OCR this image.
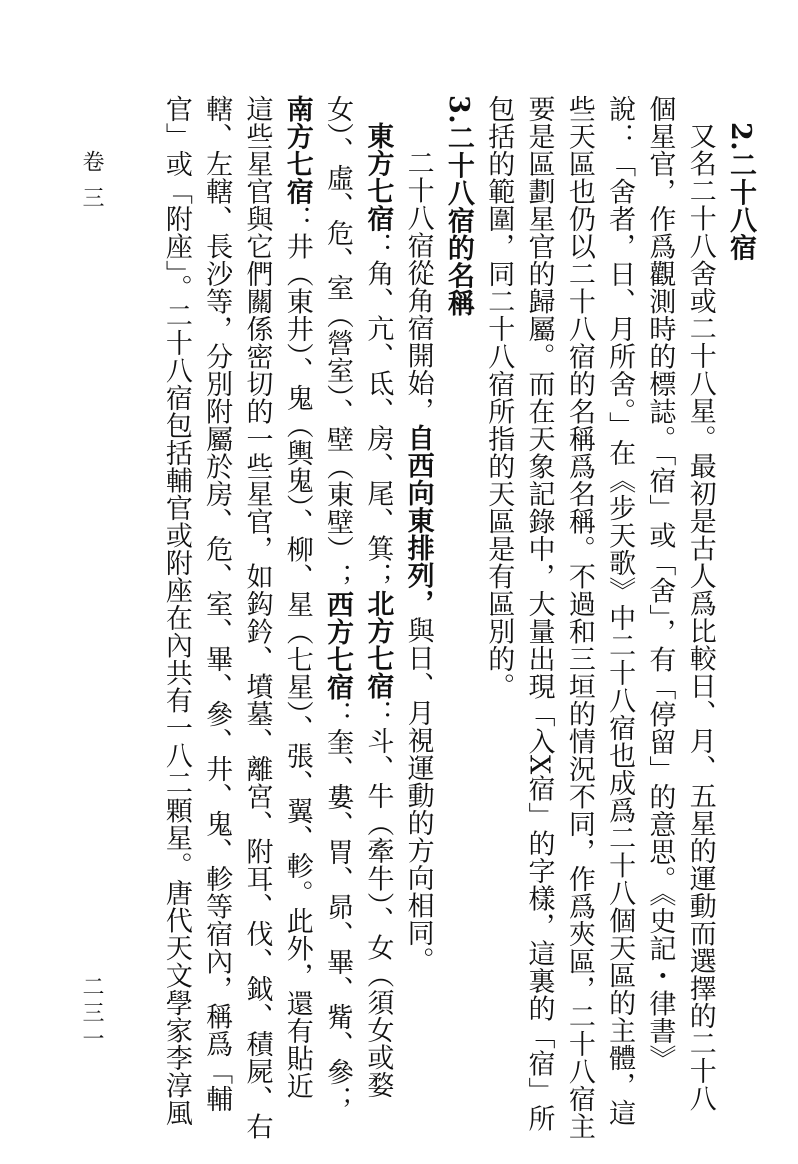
2.二十八宿
又名二十八舍或二十八星。最初是古人爲比較日、月、五星的運動而選擇的二十八
個星官，作爲觀測時的標誌。「宿」或「舍」，有「停留」的意思。《史記・律書》
說：「舍者，日、月所舍。」在《步天歌》中二十八宿也成爲二十八個天區的主體，這
些天區也仍以二十八宿的名稱爲名稱。不過和三垣的情況不同，作爲夾區，二十八宿主
要是區劃星官的歸屬。而在天象記錄中，大量出現「入X宿」的字樣，這裏的「宿」所
包括的範圍，同二十八宿所指的天區是有區別的。
3.二十八宿的名稱
二十八宿從角宿開始，自西向東排列，與日、月視運動的方向相同。
東方七宿：角、亢、氐、房、尾、箕；北方七宿：斗、牛（牽牛）、女（須女或婺
女）、虛、危、室（營室）、壁（東壁）；西方七宿：奎、婁、胃、昴、畢、觜、參；
南方七宿：井（東井）、鬼（輿鬼）、柳、星（七星）、張、翼、軫。此外，還有貼近
這些星官與它們關係密切的一些星官，如鈎鈐、墳墓、離宮、附耳、伐、鉞、積屍、右
轄、左轄、長沙等，分別附屬於房、危、室、畢、參、井、鬼、軫等宿內，稱爲「輔
官」或「附座」。二十八宿包括輔官或附座在內共有一八二顆星。唐代天文學家李淳風
卷三
二三一
